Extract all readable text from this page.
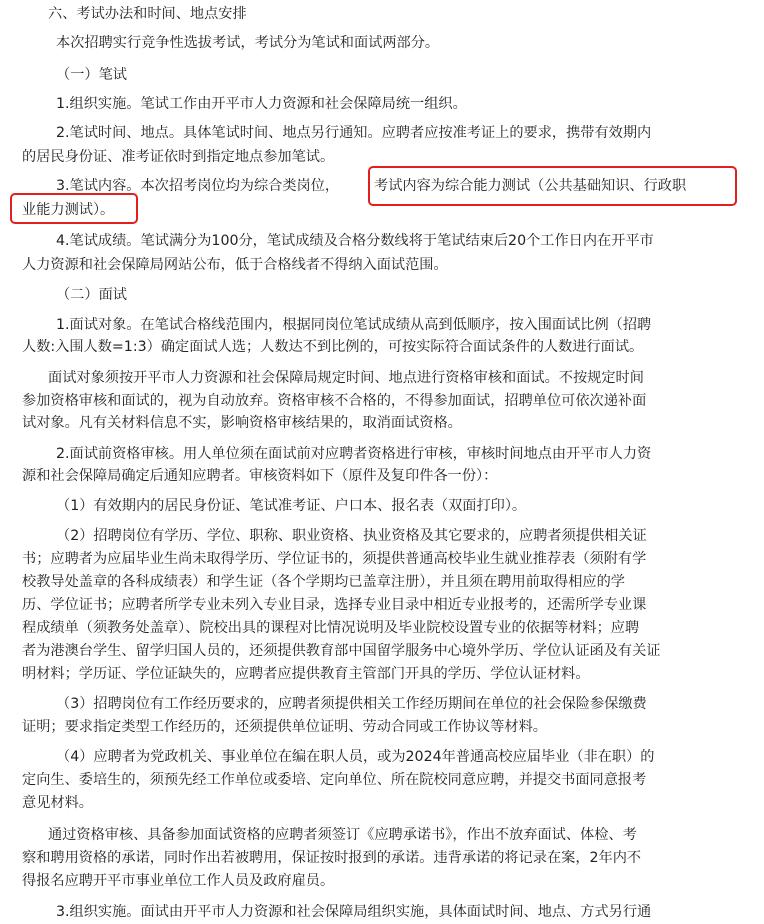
六、考试办法和时间、地点安排
本次招聘实行竞争性选拔考试，考试分为笔试和面试两部分。
（一）笔试
1.组织实施。笔试工作由开平市人力资源和社会保障局统一组织。
2.笔试时间、地点。具体笔试时间、地点另行通知。应聘者应按准考证上的要求，携带有效期内
的居民身份证、准考证依时到指定地点参加笔试。
3.笔试内容。本次招考岗位均为综合类岗位， 考试内容为综合能力测试（公共基础知识、行政职
业能力测试）。
4.笔试成绩。笔试满分为100分，笔试成绩及合格分数线将于笔试结束后20个工作日内在开平市
人力资源和社会保障局网站公布，低于合格线者不得纳入面试范围。
（二）面试
1.面试对象。在笔试合格线范围内，根据同岗位笔试成绩从高到低顺序，按入围面试比例（招聘
人数:入围人数=1:3）确定面试人选；人数达不到比例的，可按实际符合面试条件的人数进行面试。
面试对象须按开平市人力资源和社会保障局规定时间、地点进行资格审核和面试。不按规定时间
参加资格审核和面试的，视为自动放弃。资格审核不合格的，不得参加面试，招聘单位可依次递补面
试对象。凡有关材料信息不实，影响资格审核结果的，取消面试资格。
2.面试前资格审核。用人单位须在面试前对应聘者资格进行审核，审核时间地点由开平市人力资
源和社会保障局确定后通知应聘者。审核资料如下（原件及复印件各一份）：
（1）有效期内的居民身份证、笔试准考证、户口本、报名表（双面打印）。
（2）招聘岗位有学历、学位、职称、职业资格、执业资格及其它要求的，应聘者须提供相关证
书；应聘者为应届毕业生尚未取得学历、学位证书的，须提供普通高校毕业生就业推荐表（须附有学
校教导处盖章的各科成绩表）和学生证（各个学期均已盖章注册），并且须在聘用前取得相应的学
历、学位证书；应聘者所学专业未列入专业目录，选择专业目录中相近专业报考的，还需所学专业课
程成绩单（须教务处盖章）、院校出具的课程对比情况说明及毕业院校设置专业的依据等材料；应聘
者为港澳台学生、留学归国人员的，还须提供教育部中国留学服务中心境外学历、学位认证函及有关证
明材料；学历证、学位证缺失的，应聘者应提供教育主管部门开具的学历、学位认证材料。
（3）招聘岗位有工作经历要求的，应聘者须提供相关工作经历期间在单位的社会保险参保缴费
证明；要求指定类型工作经历的，还须提供单位证明、劳动合同或工作协议等材料。
（4）应聘者为党政机关、事业单位在编在职人员，或为2024年普通高校应届毕业（非在职）的
定向生、委培生的，须预先经工作单位或委培、定向单位、所在院校同意应聘，并提交书面同意报考
意见材料。
通过资格审核、具备参加面试资格的应聘者须签订《应聘承诺书》，作出不放弃面试、体检、考
察和聘用资格的承诺，同时作出若被聘用，保证按时报到的承诺。违背承诺的将记录在案，2年内不
得报名应聘开平市事业单位工作人员及政府雇员。
3.组织实施。面试由开平市人力资源和社会保障局组织实施，具体面试时间、地点、方式另行通
